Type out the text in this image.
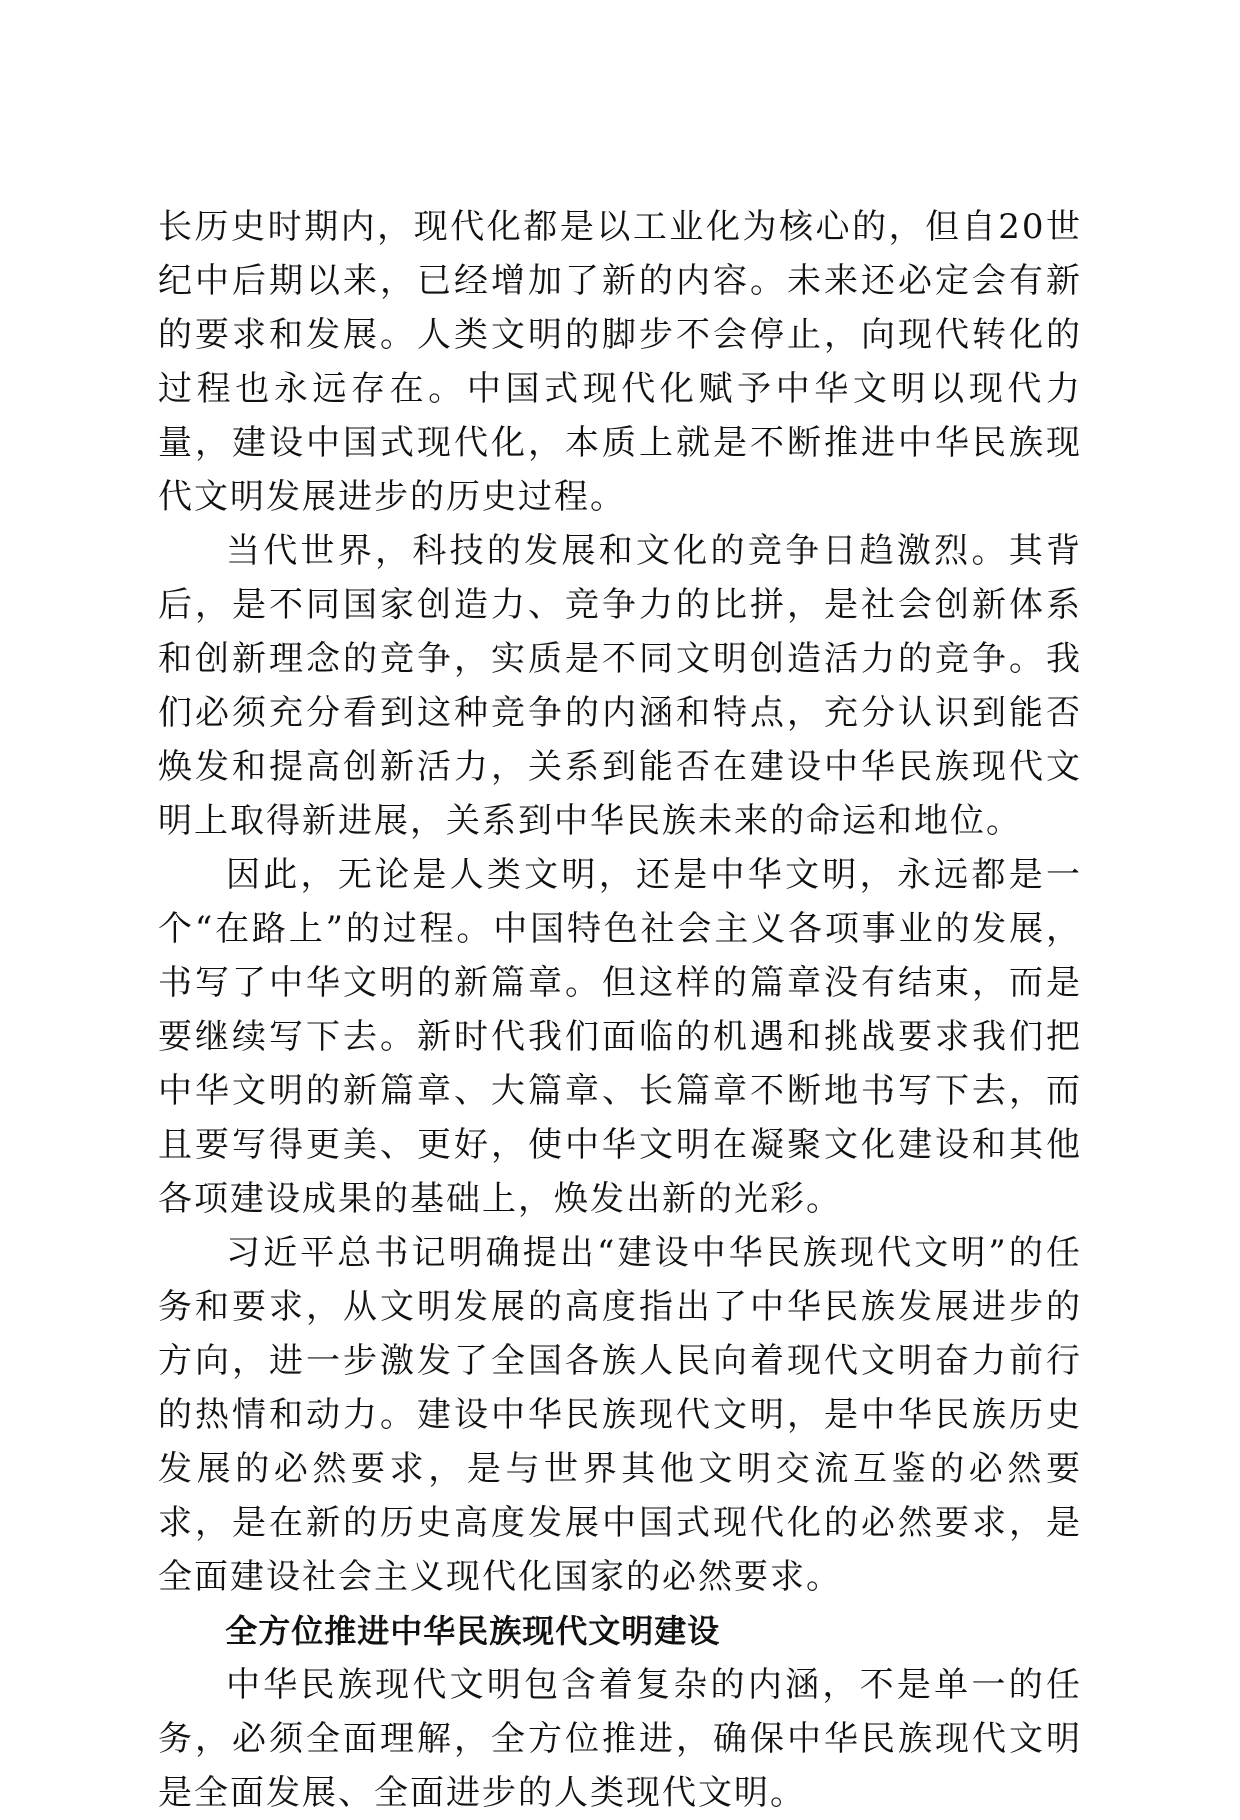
长历史时期内，现代化都是以工业化为核心的，但自20世纪中后期以来，已经增加了新的内容。未来还必定会有新的要求和发展。人类文明的脚步不会停止，向现代转化的过程也永远存在。中国式现代化赋予中华文明以现代力量，建设中国式现代化，本质上就是不断推进中华民族现代文明发展进步的历史过程。

当代世界，科技的发展和文化的竞争日趋激烈。其背后，是不同国家创造力、竞争力的比拼，是社会创新体系和创新理念的竞争，实质是不同文明创造活力的竞争。我们必须充分看到这种竞争的内涵和特点，充分认识到能否焕发和提高创新活力，关系到能否在建设中华民族现代文明上取得新进展，关系到中华民族未来的命运和地位。

因此，无论是人类文明，还是中华文明，永远都是一个“在路上”的过程。中国特色社会主义各项事业的发展，书写了中华文明的新篇章。但这样的篇章没有结束，而是要继续写下去。新时代我们面临的机遇和挑战要求我们把中华文明的新篇章、大篇章、长篇章不断地书写下去，而且要写得更美、更好，使中华文明在凝聚文化建设和其他各项建设成果的基础上，焕发出新的光彩。

习近平总书记明确提出“建设中华民族现代文明”的任务和要求，从文明发展的高度指出了中华民族发展进步的方向，进一步激发了全国各族人民向着现代文明奋力前行的热情和动力。建设中华民族现代文明，是中华民族历史发展的必然要求，是与世界其他文明交流互鉴的必然要求，是在新的历史高度发展中国式现代化的必然要求，是全面建设社会主义现代化国家的必然要求。

全方位推进中华民族现代文明建设

中华民族现代文明包含着复杂的内涵，不是单一的任务，必须全面理解，全方位推进，确保中华民族现代文明是全面发展、全面进步的人类现代文明。
